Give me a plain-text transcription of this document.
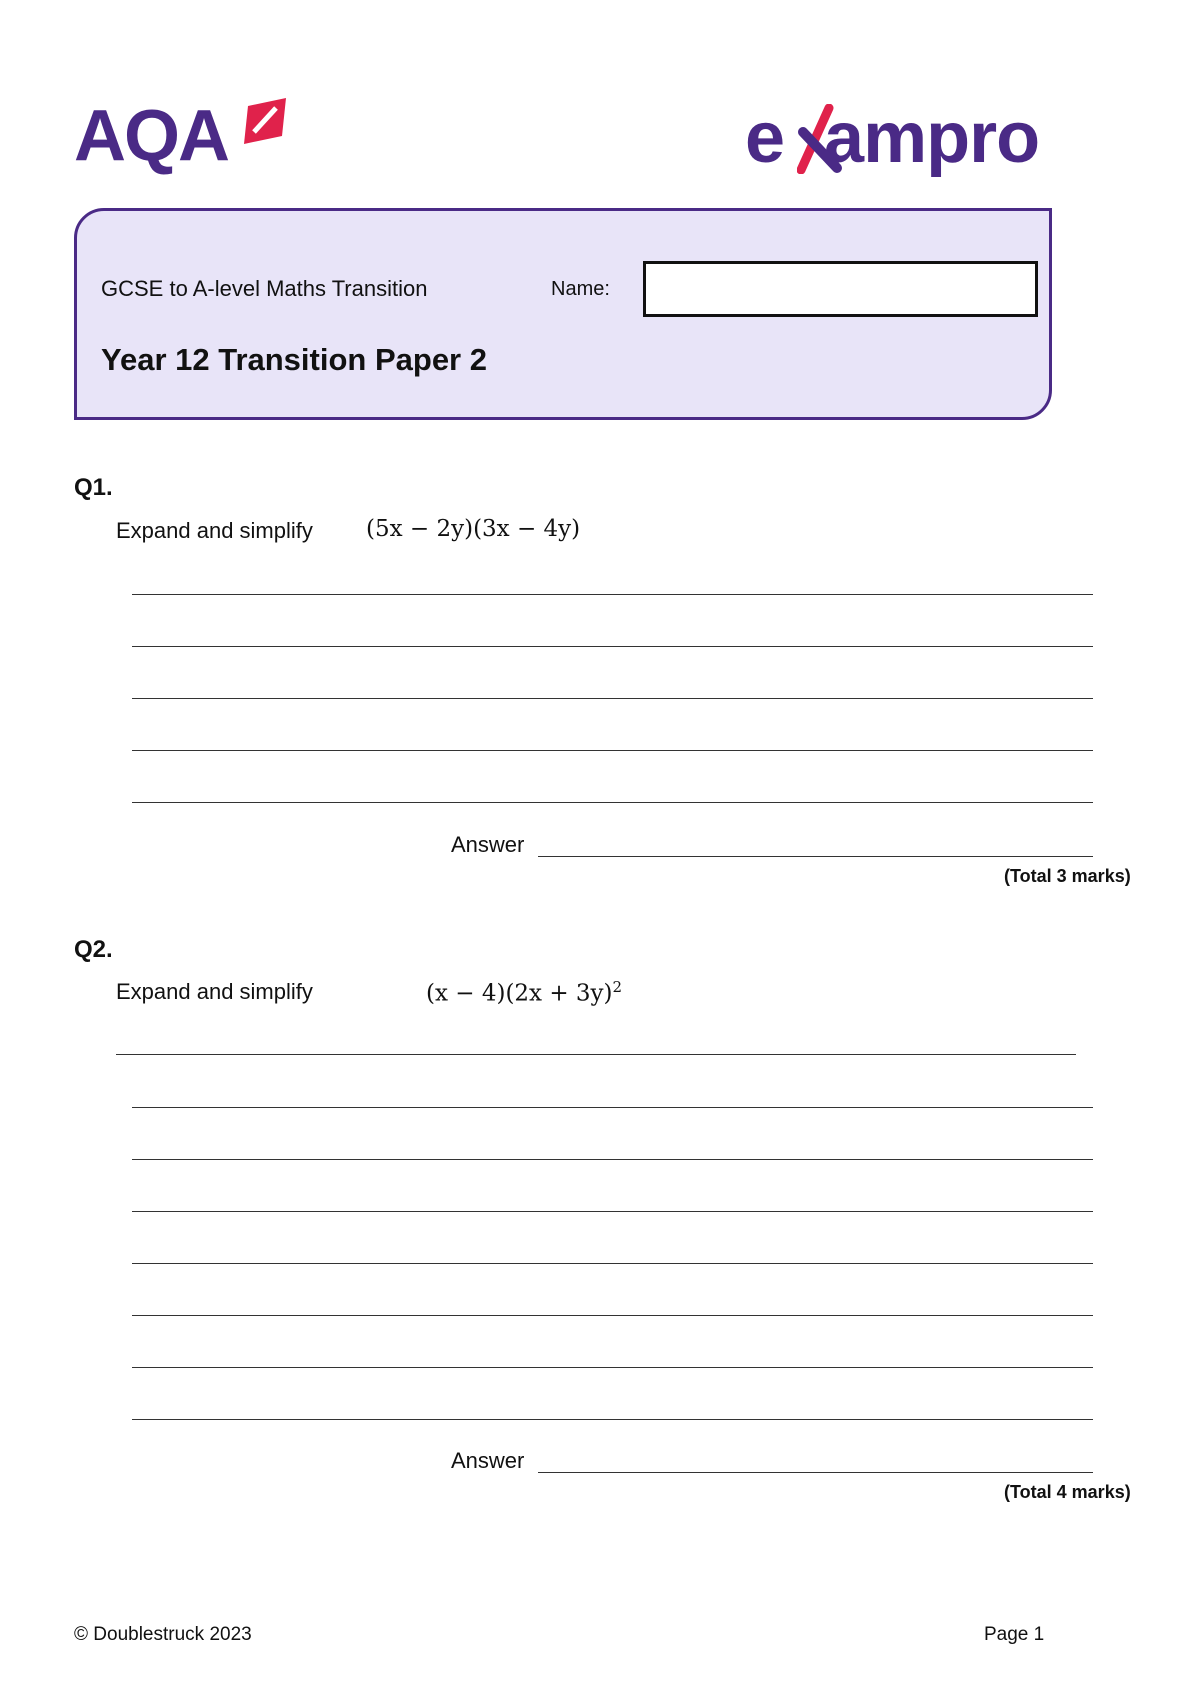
AQA	e ampro
GCSE to A-level Maths Transition	Name:
Year 12 Transition Paper 2
Q1.
Expand and simplify (5x − 2y)(3x − 4y)
Answer
(Total 3 marks)
Q2.
Expand and simplify	$(x - 4)(2x + 3y)^2$
Answer
(Total 4 marks)
© Doublestruck 2023	Page 1
